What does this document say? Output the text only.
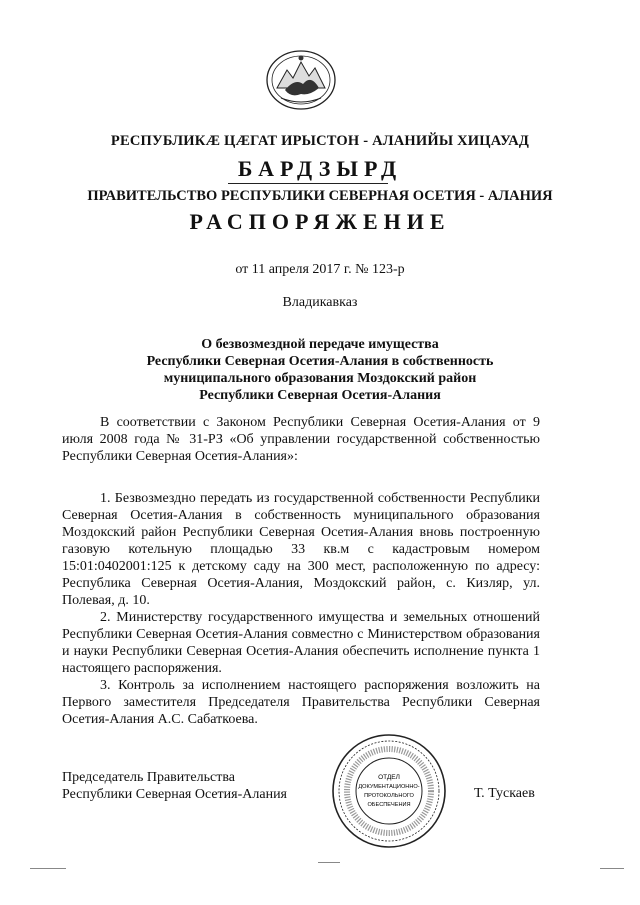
РЕСПУБЛИКӔ ЦӔГАТ ИРЫСТОН - АЛАНИЙЫ ХИЦАУАД
БАРДЗЫРД
ПРАВИТЕЛЬСТВО РЕСПУБЛИКИ СЕВЕРНАЯ ОСЕТИЯ - АЛАНИЯ
РАСПОРЯЖЕНИЕ
от 11 апреля 2017 г. № 123-р
Владикавказ
О безвозмездной передаче имущества
Республики Северная Осетия-Алания в собственность
муниципального образования Моздокский район
Республики Северная Осетия-Алания

В соответствии с Законом Республики Северная Осетия-Алания от 9 июля 2008 года № 31-РЗ «Об управлении государственной собственностью Республики Северная Осетия-Алания»:

1. Безвозмездно передать из государственной собственности Республики Северная Осетия-Алания в собственность муниципального образования Моздокский район Республики Северная Осетия-Алания вновь построенную газовую котельную площадью 33 кв.м с кадастровым номером 15:01:0402001:125 к детскому саду на 300 мест, расположенную по адресу: Республика Северная Осетия-Алания, Моздокский район, с. Кизляр, ул. Полевая, д. 10.

2. Министерству государственного имущества и земельных отношений Республики Северная Осетия-Алания совместно с Министерством образования и науки Республики Северная Осетия-Алания обеспечить исполнение пункта 1 настоящего распоряжения.

3. Контроль за исполнением настоящего распоряжения возложить на Первого заместителя Председателя Правительства Республики Северная Осетия-Алания А.С. Сабаткоева.

Председатель Правительства
Республики Северная Осетия-Алания
ОТДЕЛ
ДОКУМЕНТАЦИОННО-
ПРОТОКОЛЬНОГО
ОБЕСПЕЧЕНИЯ
Т. Тускаев
